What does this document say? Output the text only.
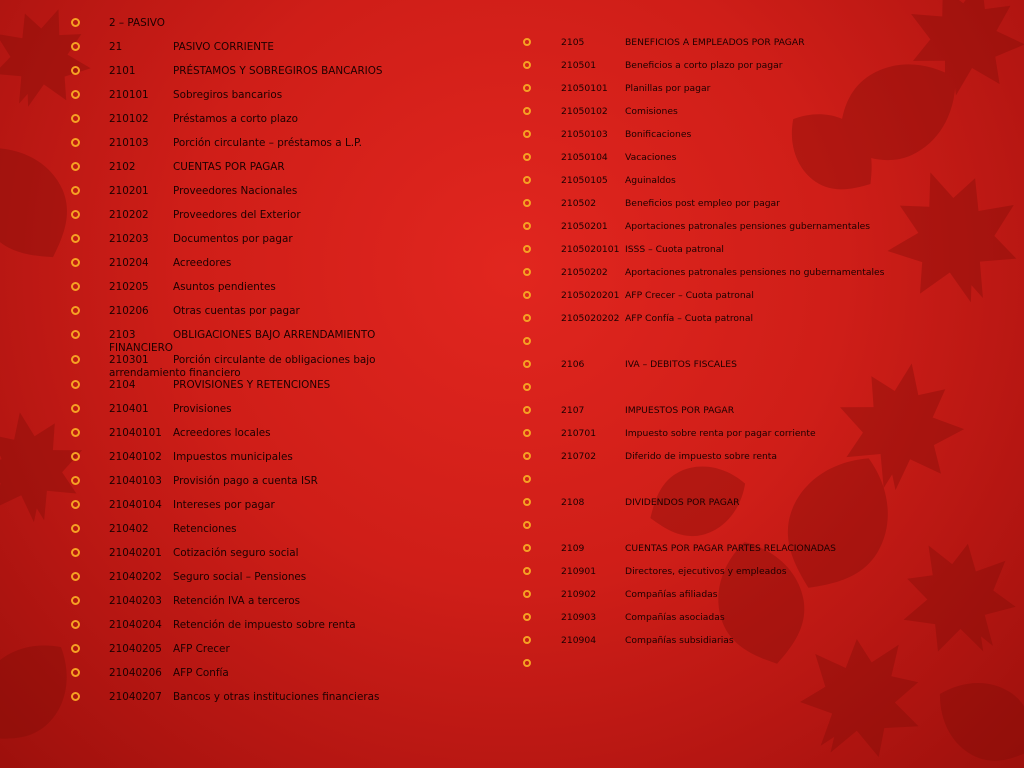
2 – PASIVO
21	PASIVO CORRIENTE
2101	PRÉSTAMOS Y SOBREGIROS BANCARIOS
210101 Sobregiros bancarios
210102 Préstamos a corto plazo
210103 Porción circulante – préstamos a L.P.
2102	CUENTAS POR PAGAR
210201 Proveedores Nacionales
210202 Proveedores del Exterior
210203 Documentos por pagar
210204 Acreedores
210205 Asuntos pendientes
210206 Otras cuentas por pagar
2103	OBLIGACIONES BAJO ARRENDAMIENTO FINANCIERO
210301 Porción circulante de obligaciones bajo arrendamiento financiero
2104	PROVISIONES Y RETENCIONES
210401 Provisiones
21040101 Acreedores locales
21040102 Impuestos municipales
21040103 Provisión pago a cuenta ISR
21040104 Intereses por pagar
210402 Retenciones
21040201 Cotización seguro social
21040202 Seguro social – Pensiones
21040203 Retención IVA a terceros
21040204 Retención de impuesto sobre renta
21040205 AFP Crecer
21040206 AFP Confía
21040207 Bancos y otras instituciones financieras
2105	BENEFICIOS A EMPLEADOS POR PAGAR
210501	Beneficios a corto plazo por pagar
21050101 Planillas por pagar
21050102 Comisiones
21050103 Bonificaciones
21050104 Vacaciones
21050105 Aguinaldos
210502	Beneficios post empleo por pagar
21050201 Aportaciones patronales pensiones gubernamentales
2105020101 ISSS – Cuota patronal
21050202 Aportaciones patronales pensiones no gubernamentales
2105020201 AFP Crecer – Cuota patronal
2105020202 AFP Confía – Cuota patronal
2106	IVA – DEBITOS FISCALES
2107	IMPUESTOS POR PAGAR
210701	Impuesto sobre renta por pagar corriente
210702	Diferido de impuesto sobre renta
2108	DIVIDENDOS POR PAGAR
2109	CUENTAS POR PAGAR PARTES RELACIONADAS
210901	Directores, ejecutivos y empleados
210902	Compañías afiliadas
210903	Compañías asociadas
210904	Compañías subsidiarias
